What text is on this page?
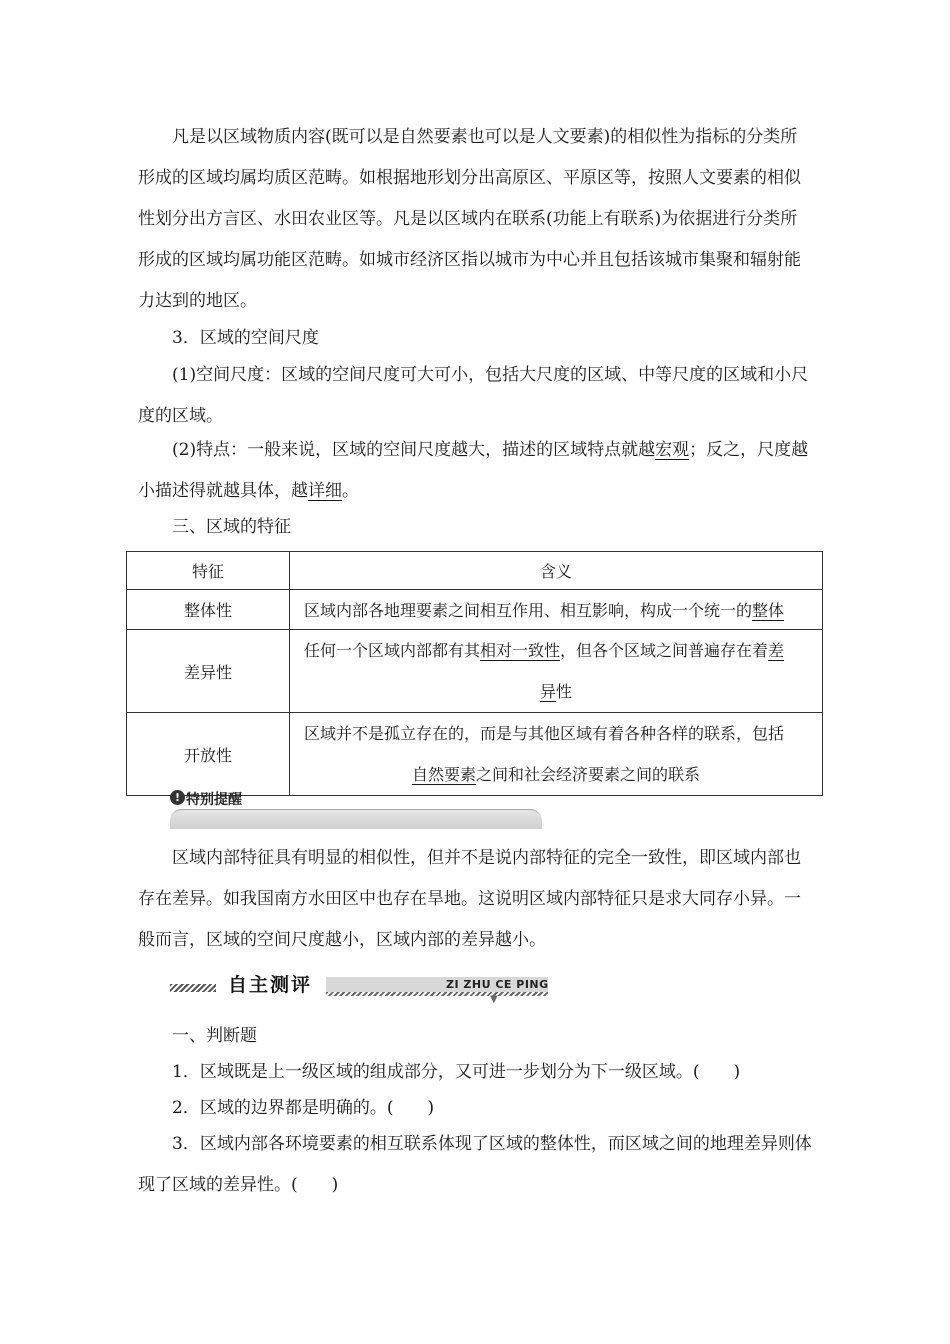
凡是以区域物质内容(既可以是自然要素也可以是人文要素)的相似性为指标的分类所形成的区域均属均质区范畴。如根据地形划分出高原区、平原区等，按照人文要素的相似性划分出方言区、水田农业区等。凡是以区域内在联系(功能上有联系)为依据进行分类所形成的区域均属功能区范畴。如城市经济区指以城市为中心并且包括该城市集聚和辐射能力达到的地区。

3．区域的空间尺度

(1)空间尺度：区域的空间尺度可大可小，包括大尺度的区域、中等尺度的区域和小尺度的区域。

(2)特点：一般来说，区域的空间尺度越大，描述的区域特点就越宏观；反之，尺度越小描述得就越具体，越详细。

三、区域的特征

特征	含义
整体性	区域内部各地理要素之间相互作用、相互影响，构成一个统一的整体
差异性	任何一个区域内部都有其相对一致性，但各个区域之间普遍存在着差
异性

开放性	区域并不是孤立存在的，而是与其他区域有着各种各样的联系，包括
自然要素之间和社会经济要素之间的联系
! 特别提醒

区域内部特征具有明显的相似性，但并不是说内部特征的完全一致性，即区域内部也存在差异。如我国南方水田区中也存在旱地。这说明区域内部特征只是求大同存小异。一般而言，区域的空间尺度越小，区域内部的差异越小。

自主测评	ZI ZHU CE PING
▼

一、判断题

1．区域既是上一级区域的组成部分，又可进一步划分为下一级区域。(　　)

2．区域的边界都是明确的。(　　)

3．区域内部各环境要素的相互联系体现了区域的整体性，而区域之间的地理差异则体现了区域的差异性。(　　)
